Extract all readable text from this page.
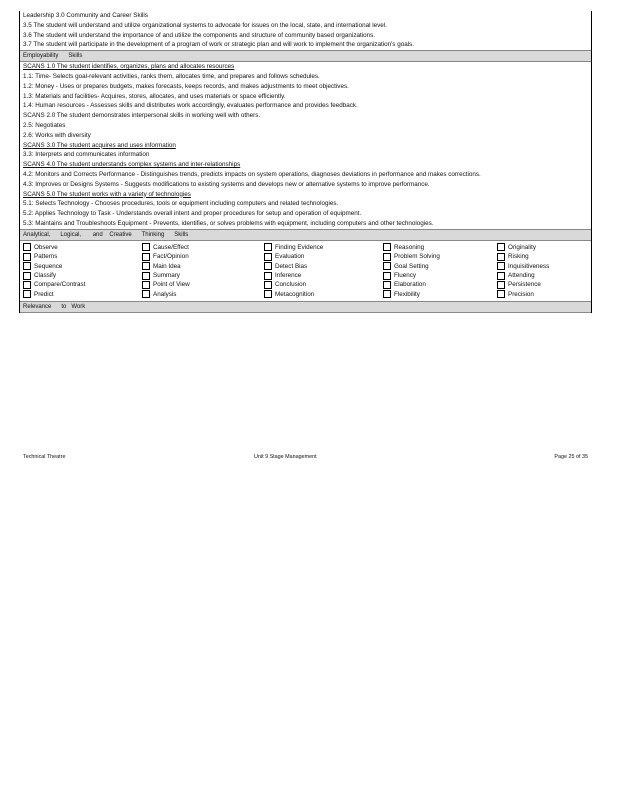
Leadership 3.0 Community and Career Skills
3.5 The student will understand and utilize organizational systems to advocate for issues on the local, state, and international level.
3.6 The student will understand the importance of and utilize the components and structure of community based organizations.
3.7 The student will participate in the development of a program of work or strategic plan and will work to implement the organization's goals.
Employability      Skills
SCANS 1.0 The student identifies, organizes, plans and allocates resources
1.1: Time- Selects goal-relevant activities, ranks them, allocates time, and prepares and follows schedules.
1.2: Money - Uses or prepares budgets, makes forecasts, keeps records, and makes adjustments to meet objectives.
1.3: Materials and facilities- Acquires, stores, allocates, and uses materials or space efficiently.
1.4: Human resources - Assesses skills and distributes work accordingly, evaluates performance and provides feedback.
SCANS 2.0 The student demonstrates interpersonal skills in working well with others.
2.5: Negotiates
2.6: Works with diversity
SCANS 3.0 The student acquires and uses information
3.3: Interprets and communicates information
SCANS 4.0 The student understands complex systems and inter-relationships
4.2: Monitors and Corrects Performance - Distinguishes trends, predicts impacts on system operations, diagnoses deviations in performance and makes corrections.
4.3: Improves or Designs Systems - Suggests modifications to existing systems and develops new or alternative systems to improve performance.
SCANS 5.0 The student works with a variety of technologies
5.1: Selects Technology - Chooses procedures, tools or equipment including computers and related technologies.
5.2: Applies Technology to Task - Understands overall intent and proper procedures for setup and operation of equipment.
5.3: Maintains and Troubleshoots Equipment - Prevents, identifies, or solves problems with equipment, including computers and other technologies.
Analytical,      Logical,       and    Creative      Thinking      Skills
Observe
Patterns
Sequence
Classify
Compare/Contrast
Predict
Cause/Effect
Fact/Opinion
Main Idea
Summary
Point of View
Analysis
Finding Evidence
Evaluation
Detect Bias
Inference
Conclusion
Metacognition
Reasoning
Problem Solving
Goal Setting
Fluency
Elaboration
Flexibility
Originality
Risking
Inquisitiveness
Attending
Persistence
Precision
Relevance      to   Work
Technical Theatre	Unit 9 Stage Management	Page 25 of 35
